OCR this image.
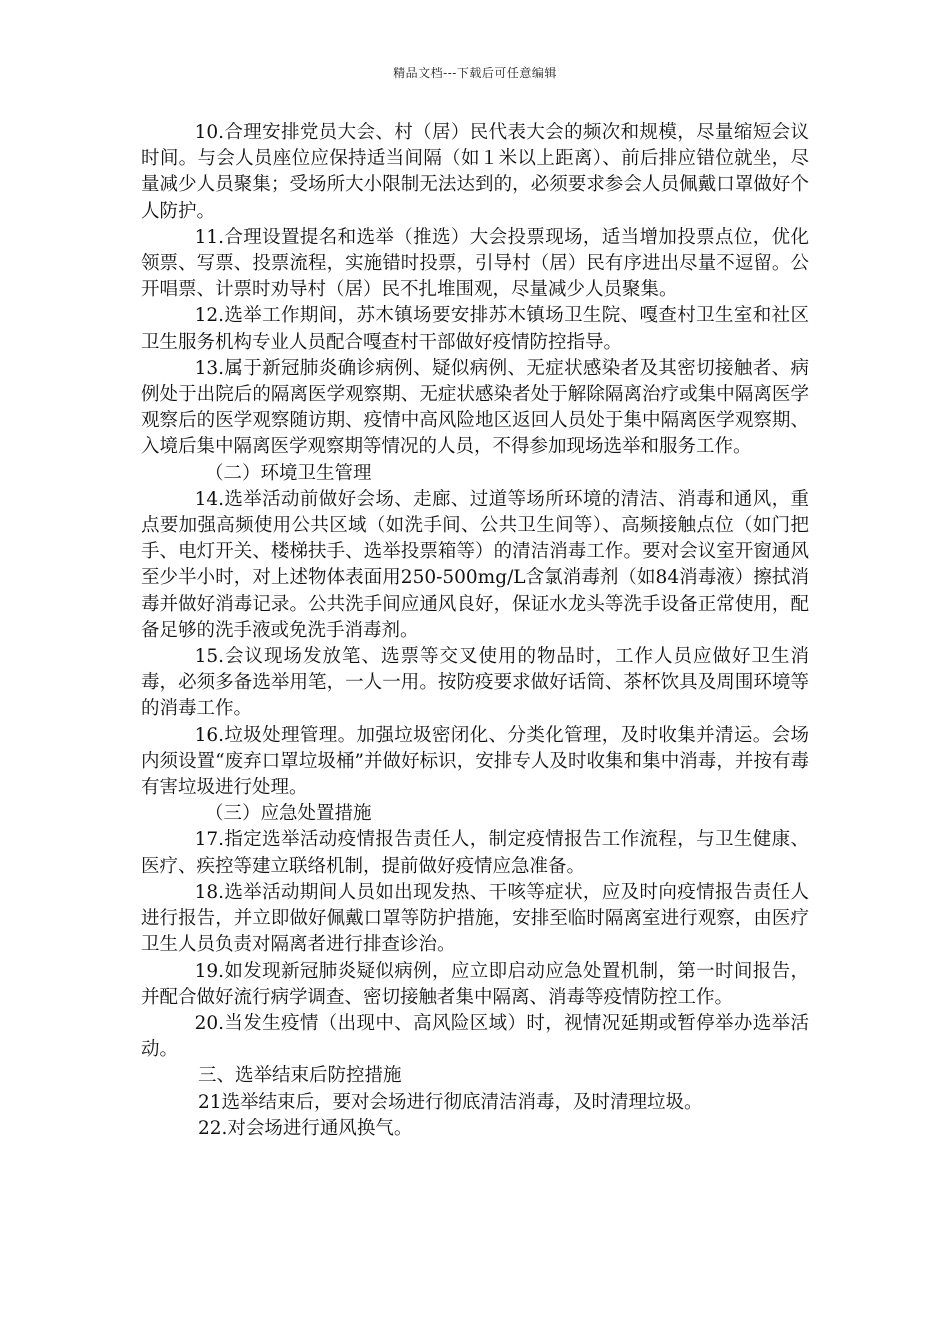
精品文档---下载后可任意编辑

10.合理安排党员大会、村（居）民代表大会的频次和规模，尽量缩短会议时间。与会人员座位应保持适当间隔（如１米以上距离）、前后排应错位就坐，尽量减少人员聚集；受场所大小限制无法达到的，必须要求参会人员佩戴口罩做好个人防护。

11.合理设置提名和选举（推选）大会投票现场，适当增加投票点位，优化领票、写票、投票流程，实施错时投票，引导村（居）民有序进出尽量不逗留。公开唱票、计票时劝导村（居）民不扎堆围观，尽量减少人员聚集。

12.选举工作期间，苏木镇场要安排苏木镇场卫生院、嘎查村卫生室和社区卫生服务机构专业人员配合嘎查村干部做好疫情防控指导。

13.属于新冠肺炎确诊病例、疑似病例、无症状感染者及其密切接触者、病例处于出院后的隔离医学观察期、无症状感染者处于解除隔离治疗或集中隔离医学观察后的医学观察随访期、疫情中高风险地区返回人员处于集中隔离医学观察期、入境后集中隔离医学观察期等情况的人员，不得参加现场选举和服务工作。

（二）环境卫生管理

14.选举活动前做好会场、走廊、过道等场所环境的清洁、消毒和通风，重点要加强高频使用公共区域（如洗手间、公共卫生间等）、高频接触点位（如门把手、电灯开关、楼梯扶手、选举投票箱等）的清洁消毒工作。要对会议室开窗通风至少半小时，对上述物体表面用250-500mg/L含氯消毒剂（如84消毒液）擦拭消毒并做好消毒记录。公共洗手间应通风良好，保证水龙头等洗手设备正常使用，配备足够的洗手液或免洗手消毒剂。

15.会议现场发放笔、选票等交叉使用的物品时，工作人员应做好卫生消毒，必须多备选举用笔，一人一用。按防疫要求做好话筒、茶杯饮具及周围环境等的消毒工作。

16.垃圾处理管理。加强垃圾密闭化、分类化管理，及时收集并清运。会场内须设置“废弃口罩垃圾桶”并做好标识，安排专人及时收集和集中消毒，并按有毒有害垃圾进行处理。

（三）应急处置措施

17.指定选举活动疫情报告责任人，制定疫情报告工作流程，与卫生健康、医疗、疾控等建立联络机制，提前做好疫情应急准备。

18.选举活动期间人员如出现发热、干咳等症状，应及时向疫情报告责任人进行报告，并立即做好佩戴口罩等防护措施，安排至临时隔离室进行观察，由医疗卫生人员负责对隔离者进行排查诊治。

19.如发现新冠肺炎疑似病例，应立即启动应急处置机制，第一时间报告，并配合做好流行病学调查、密切接触者集中隔离、消毒等疫情防控工作。

20.当发生疫情（出现中、高风险区域）时，视情况延期或暂停举办选举活动。

三、选举结束后防控措施

21选举结束后，要对会场进行彻底清洁消毒，及时清理垃圾。

22.对会场进行通风换气。
